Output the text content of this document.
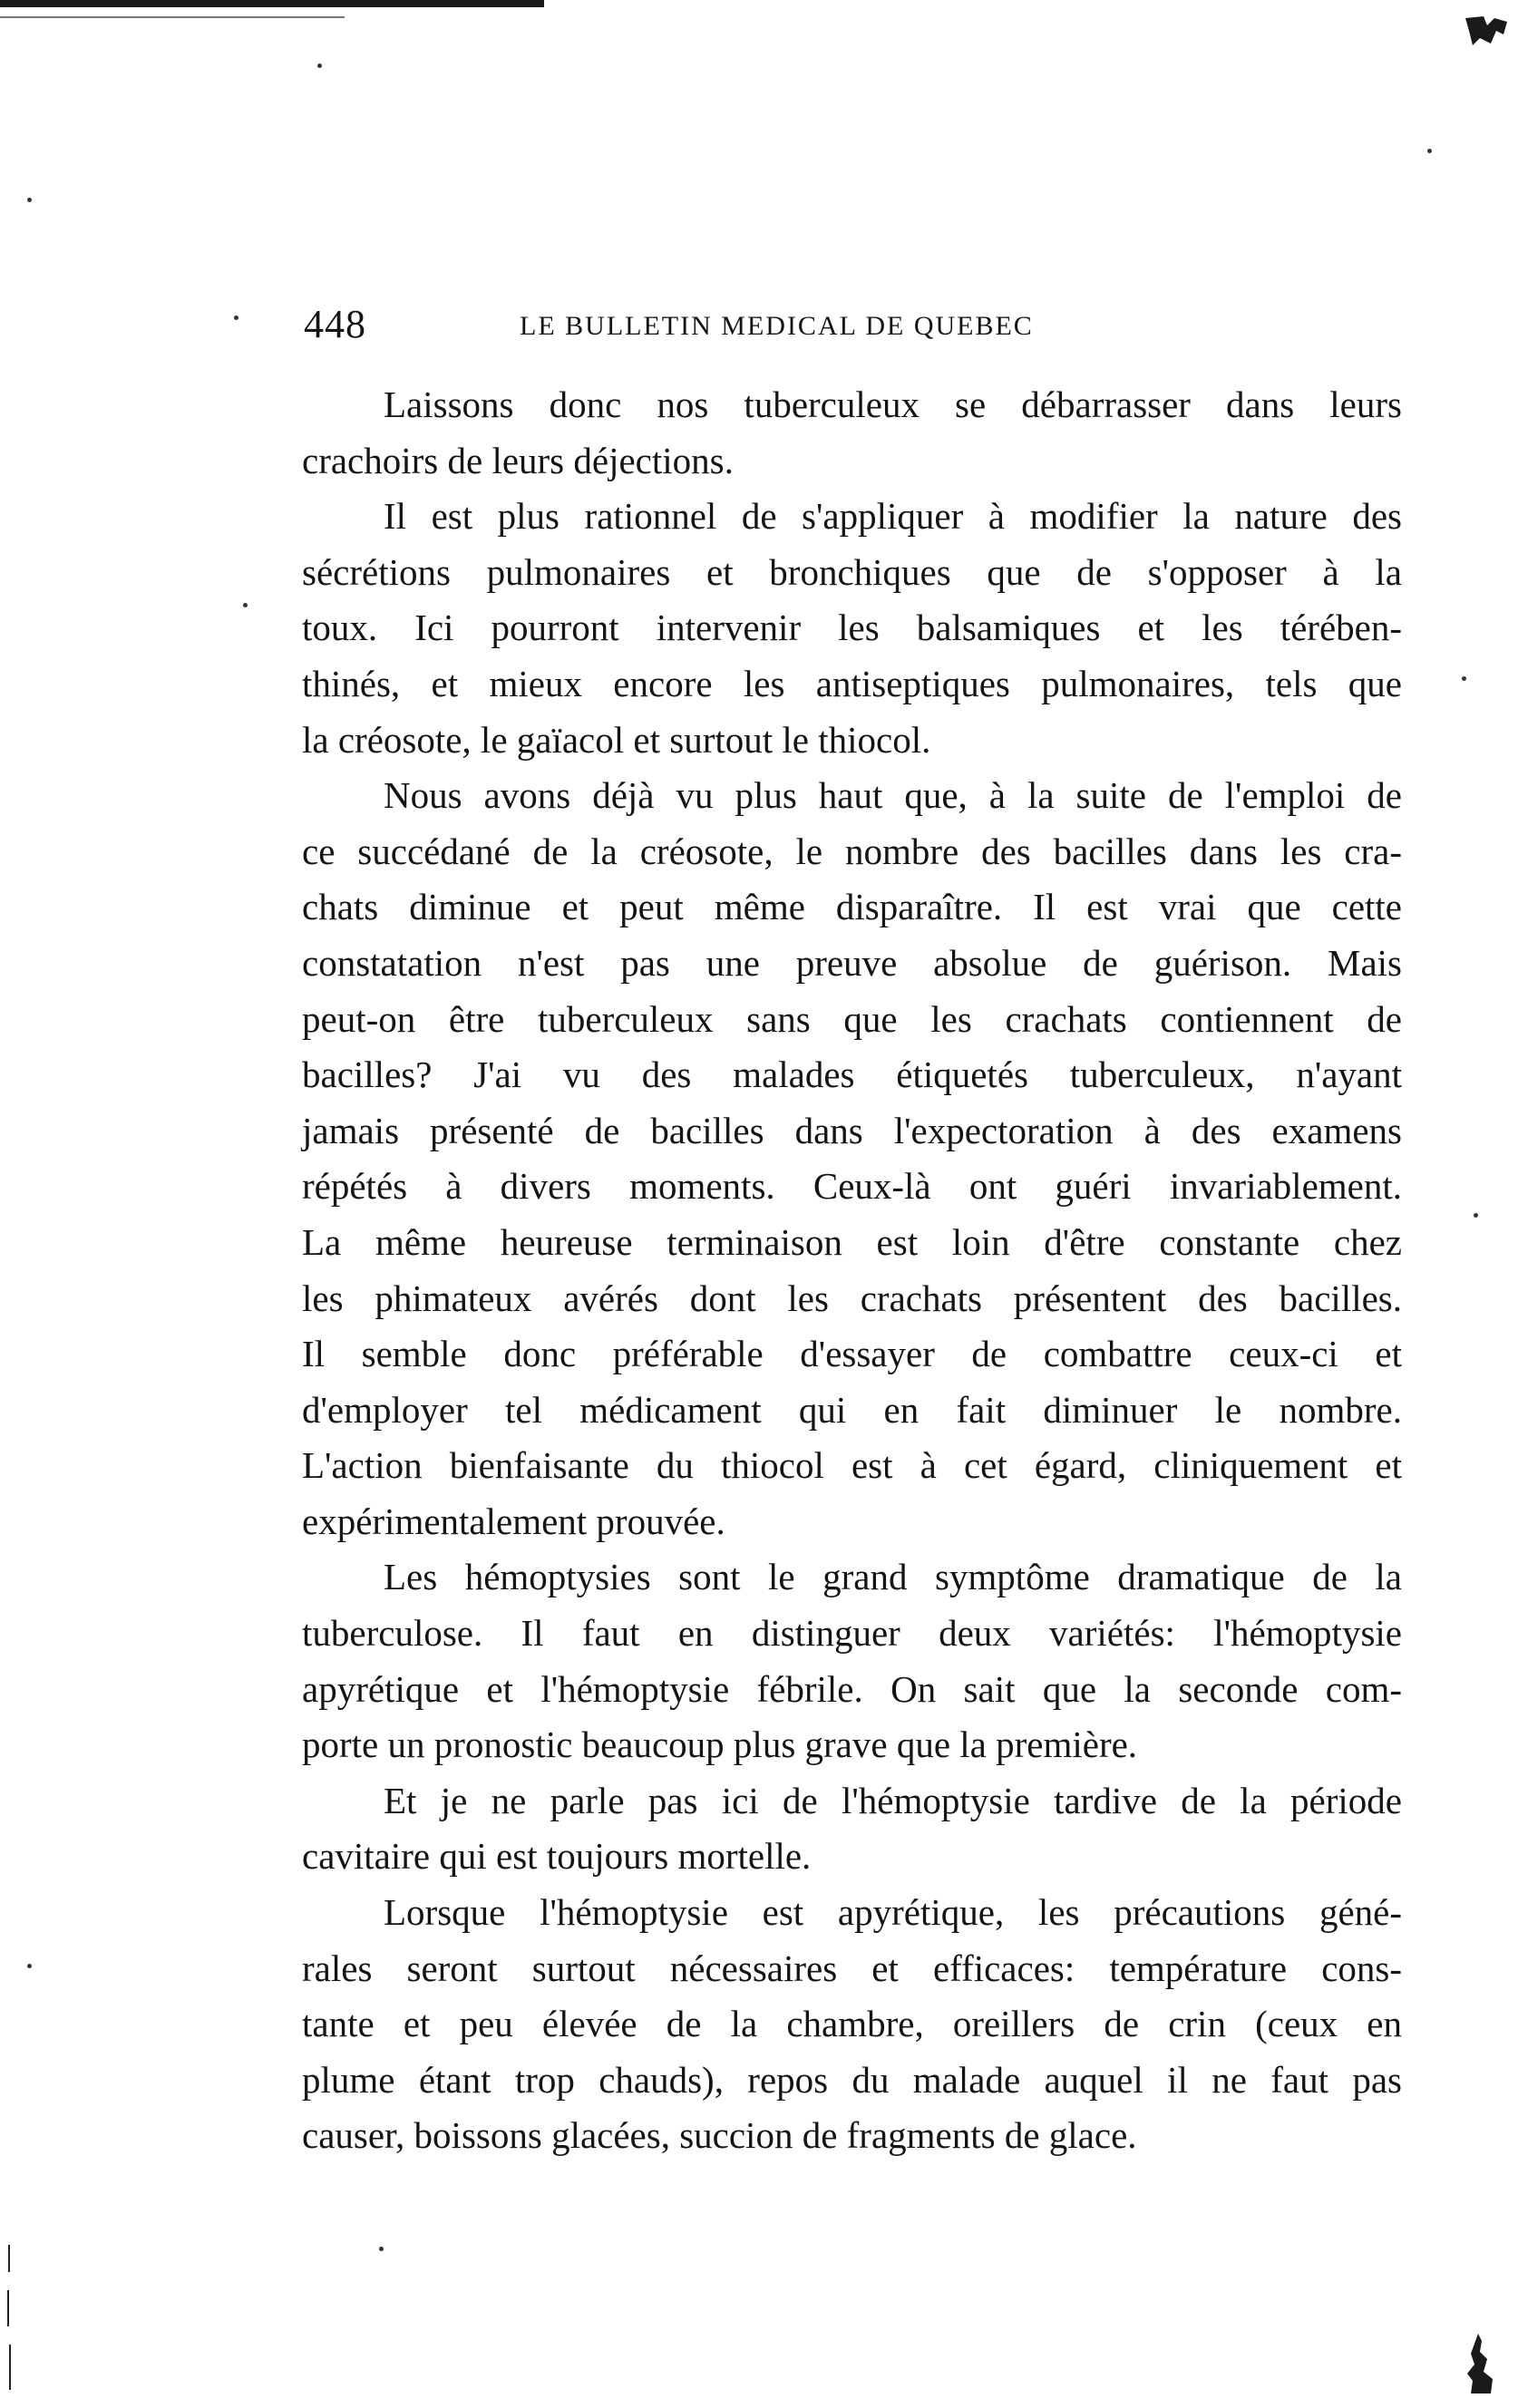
448	LE BULLETIN MEDICAL DE QUEBEC
Laissons donc nos tuberculeux se débarrasser dans leurs
crachoirs de leurs déjections.
Il est plus rationnel de s'appliquer à modifier la nature des
sécrétions pulmonaires et bronchiques que de s'opposer à la
toux. Ici pourront intervenir les balsamiques et les térében-
thinés, et mieux encore les antiseptiques pulmonaires, tels que
la créosote, le gaïacol et surtout le thiocol.
Nous avons déjà vu plus haut que, à la suite de l'emploi de
ce succédané de la créosote, le nombre des bacilles dans les cra-
chats diminue et peut même disparaître. Il est vrai que cette
constatation n'est pas une preuve absolue de guérison. Mais
peut-on être tuberculeux sans que les crachats contiennent de
bacilles? J'ai vu des malades étiquetés tuberculeux, n'ayant
jamais présenté de bacilles dans l'expectoration à des examens
répétés à divers moments. Ceux-là ont guéri invariablement.
La même heureuse terminaison est loin d'être constante chez
les phimateux avérés dont les crachats présentent des bacilles.
Il semble donc préférable d'essayer de combattre ceux-ci et
d'employer tel médicament qui en fait diminuer le nombre.
L'action bienfaisante du thiocol est à cet égard, cliniquement et
expérimentalement prouvée.
Les hémoptysies sont le grand symptôme dramatique de la
tuberculose. Il faut en distinguer deux variétés: l'hémoptysie
apyrétique et l'hémoptysie fébrile. On sait que la seconde com-
porte un pronostic beaucoup plus grave que la première.
Et je ne parle pas ici de l'hémoptysie tardive de la période
cavitaire qui est toujours mortelle.
Lorsque l'hémoptysie est apyrétique, les précautions géné-
rales seront surtout nécessaires et efficaces: température cons-
tante et peu élevée de la chambre, oreillers de crin (ceux en
plume étant trop chauds), repos du malade auquel il ne faut pas
causer, boissons glacées, succion de fragments de glace.
